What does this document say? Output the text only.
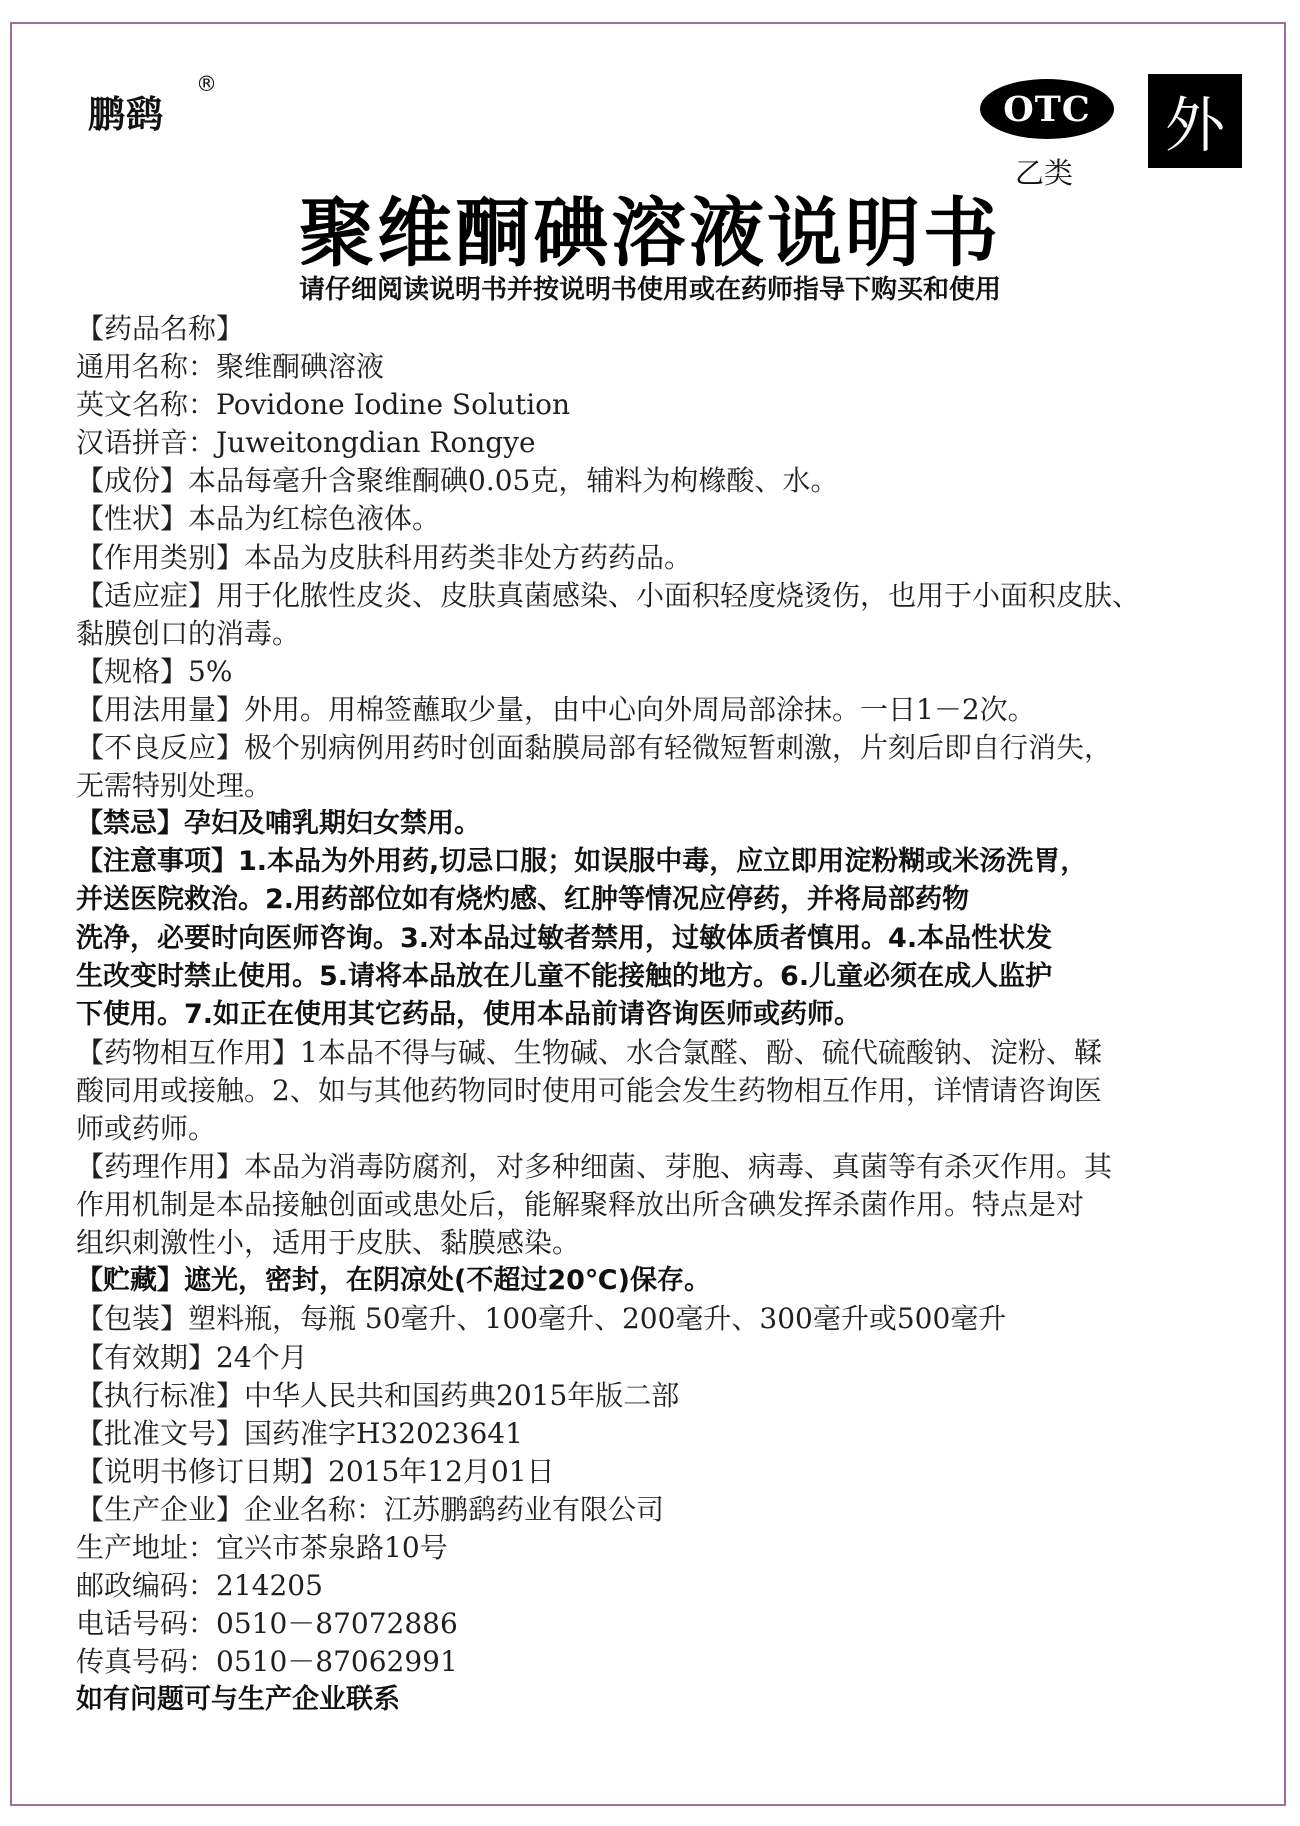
鹏鹞
®
OTC
乙类
外
聚维酮碘溶液说明书
请仔细阅读说明书并按说明书使用或在药师指导下购买和使用
【药品名称】
通用名称：聚维酮碘溶液
英文名称：Povidone Iodine Solution
汉语拼音：Juweitongdian Rongye
【成份】本品每毫升含聚维酮碘0.05克，辅料为枸橼酸、水。
【性状】本品为红棕色液体。
【作用类别】本品为皮肤科用药类非处方药药品。
【适应症】用于化脓性皮炎、皮肤真菌感染、小面积轻度烧烫伤，也用于小面积皮肤、
黏膜创口的消毒。
【规格】5%
【用法用量】外用。用棉签蘸取少量，由中心向外周局部涂抹。一日1－2次。
【不良反应】极个别病例用药时创面黏膜局部有轻微短暂刺激，片刻后即自行消失，
无需特别处理。
【禁忌】孕妇及哺乳期妇女禁用。
【注意事项】1.本品为外用药,切忌口服；如误服中毒，应立即用淀粉糊或米汤洗胃，
并送医院救治。2.用药部位如有烧灼感、红肿等情况应停药，并将局部药物
洗净，必要时向医师咨询。3.对本品过敏者禁用，过敏体质者慎用。4.本品性状发
生改变时禁止使用。5.请将本品放在儿童不能接触的地方。6.儿童必须在成人监护
下使用。7.如正在使用其它药品，使用本品前请咨询医师或药师。
【药物相互作用】1本品不得与碱、生物碱、水合氯醛、酚、硫代硫酸钠、淀粉、鞣
酸同用或接触。2、如与其他药物同时使用可能会发生药物相互作用，详情请咨询医
师或药师。
【药理作用】本品为消毒防腐剂，对多种细菌、芽胞、病毒、真菌等有杀灭作用。其
作用机制是本品接触创面或患处后，能解聚释放出所含碘发挥杀菌作用。特点是对
组织刺激性小，适用于皮肤、黏膜感染。
【贮藏】遮光，密封，在阴凉处(不超过20℃)保存。
【包装】塑料瓶，每瓶 50毫升、100毫升、200毫升、300毫升或500毫升
【有效期】24个月
【执行标准】中华人民共和国药典2015年版二部
【批准文号】国药准字H32023641
【说明书修订日期】2015年12月01日
【生产企业】企业名称：江苏鹏鹞药业有限公司
生产地址：宜兴市茶泉路10号
邮政编码：214205
电话号码：0510－87072886
传真号码：0510－87062991
如有问题可与生产企业联系
